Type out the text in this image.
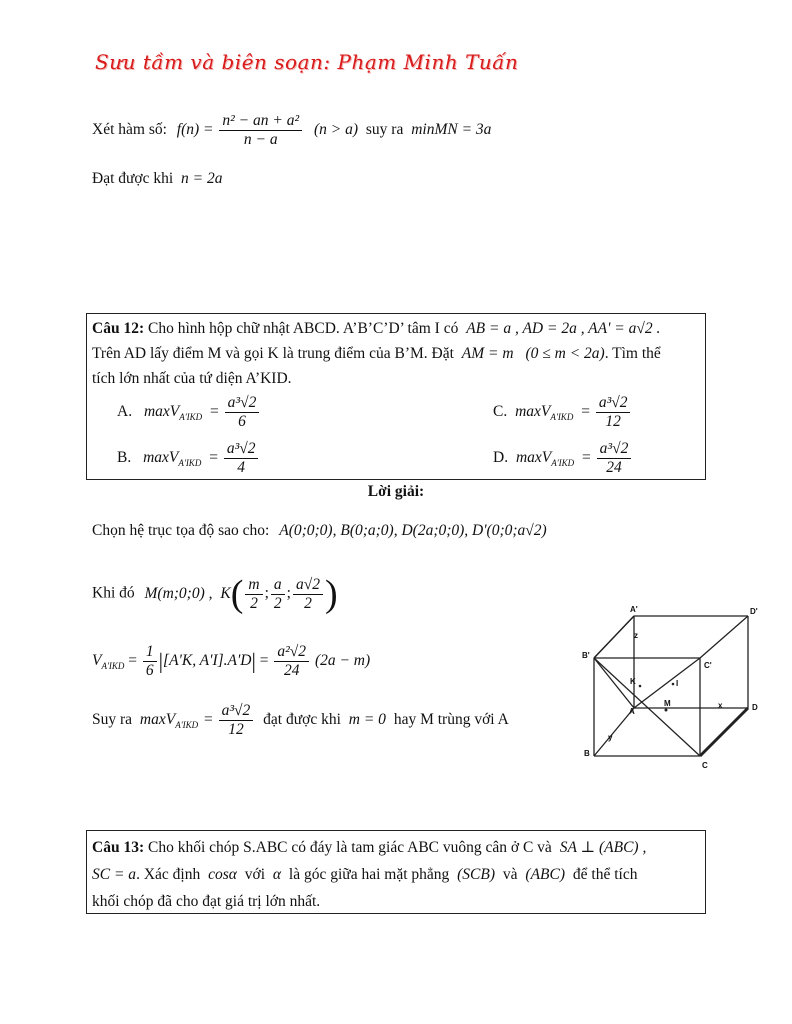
Sưu tầm và biên soạn: Phạm Minh Tuấn
Xét hàm số: $f(n) = \frac{\text{n² − an + a²}}{n - a} (n > a)$ suy ra minMN = 3a
Đạt được khi n = 2a
Câu 12: Cho hình hộp chữ nhật ABCD. A’B’C’D’ tâm I có AB = a , AD = 2a , AA' = a√2 .
Trên AD lấy điểm M và gọi K là trung điểm của B’M. Đặt AM = m (0 ≤ m < 2a). Tìm thể
tích lớn nhất của tứ diện A’KID.
A. $\max V_{A'IKD} = \frac{\text{a³√2}}{6}$
B. $\max V_{A'IKD} = \frac{\text{a³√2}}{4}$
C. $\max V_{A'IKD} = \frac{\text{a³√2}}{12}$
D. $\max V_{A'IKD} = \frac{\text{a³√2}}{24}$
Lời giải:
Chọn hệ trục tọa độ sao cho: A(0;0;0), B(0;a;0), D(2a;0;0), D'(0;0;a√2)
Khi đó M(m;0;0) , $K( \frac{m}{2}$ ; $\frac{a}{2}$ ; $\frac{a√2}{2}$ )
$V_{A'IKD} = \frac{1}{6} |[A'K$, $A'I].A'D| = \frac{\text{a²√2}}{24} (2a - m)$
Suy ra $\max V_{A'IKD} = \frac{\text{a³√2}}{12}$ đạt được khi m = 0 hay M trùng với A
A'	D'
B'
C'
K	I
A
M	D
B
C
x
y
z
Câu 13: Cho khối chóp S.ABC có đáy là tam giác ABC vuông cân ở C và SA ⊥ (ABC) ,
SC = a. Xác định cosα với α là góc giữa hai mặt phẳng (SCB) và (ABC) để thể tích
khối chóp đã cho đạt giá trị lớn nhất.
